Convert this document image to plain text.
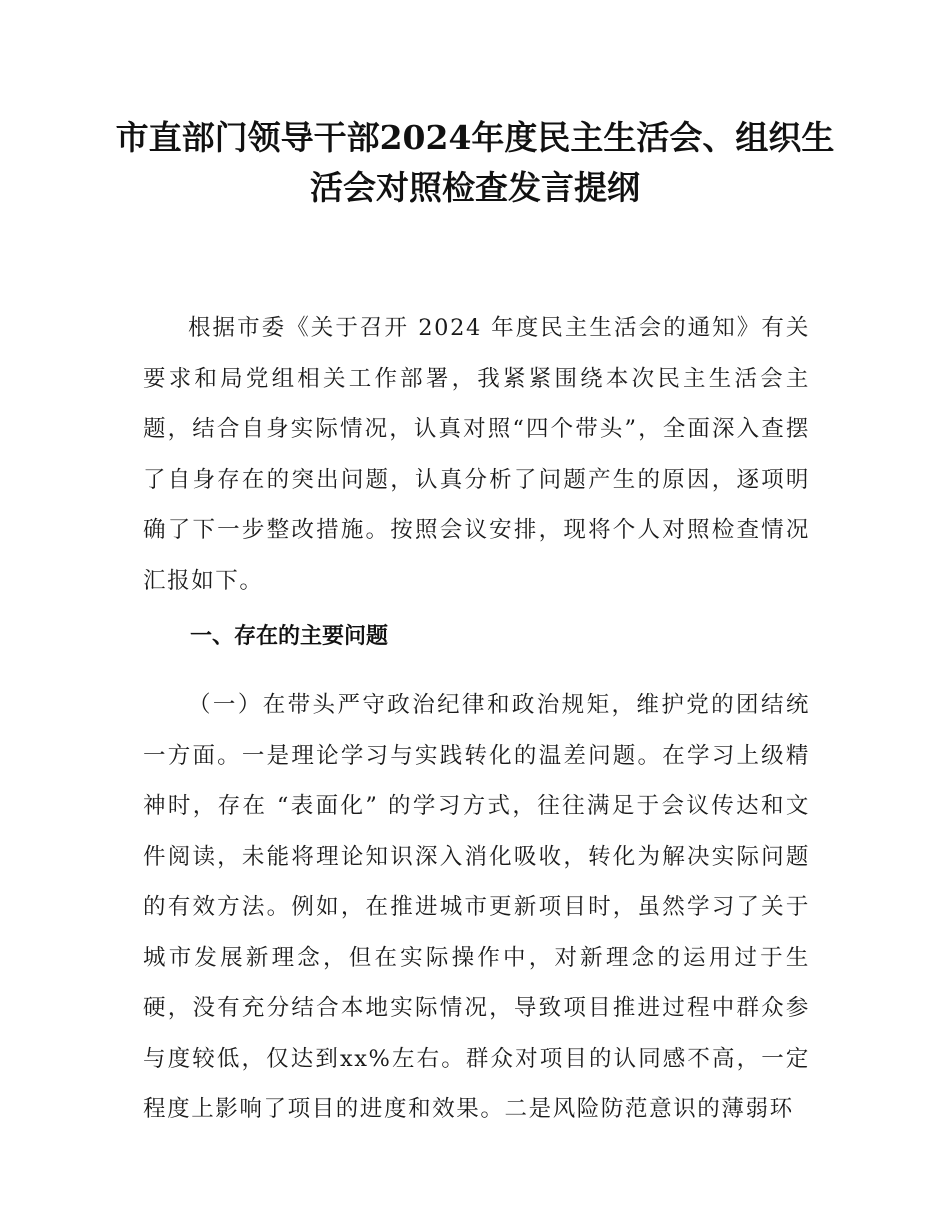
市直部门领导干部2024年度民主生活会、组织生活会对照检查发言提纲

根据市委《关于召开 2024 年度民主生活会的通知》有关要求和局党组相关工作部署，我紧紧围绕本次民主生活会主题，结合自身实际情况，认真对照“四个带头”，全面深入查摆了自身存在的突出问题，认真分析了问题产生的原因，逐项明确了下一步整改措施。按照会议安排，现将个人对照检查情况汇报如下。

一、存在的主要问题

（一）在带头严守政治纪律和政治规矩，维护党的团结统一方面。一是理论学习与实践转化的温差问题。在学习上级精神时，存在 “表面化” 的学习方式，往往满足于会议传达和文件阅读，未能将理论知识深入消化吸收，转化为解决实际问题的有效方法。例如，在推进城市更新项目时，虽然学习了关于城市发展新理念，但在实际操作中，对新理念的运用过于生硬，没有充分结合本地实际情况，导致项目推进过程中群众参与度较低，仅达到xx%左右。群众对项目的认同感不高，一定程度上影响了项目的进度和效果。二是风险防范意识的薄弱环
